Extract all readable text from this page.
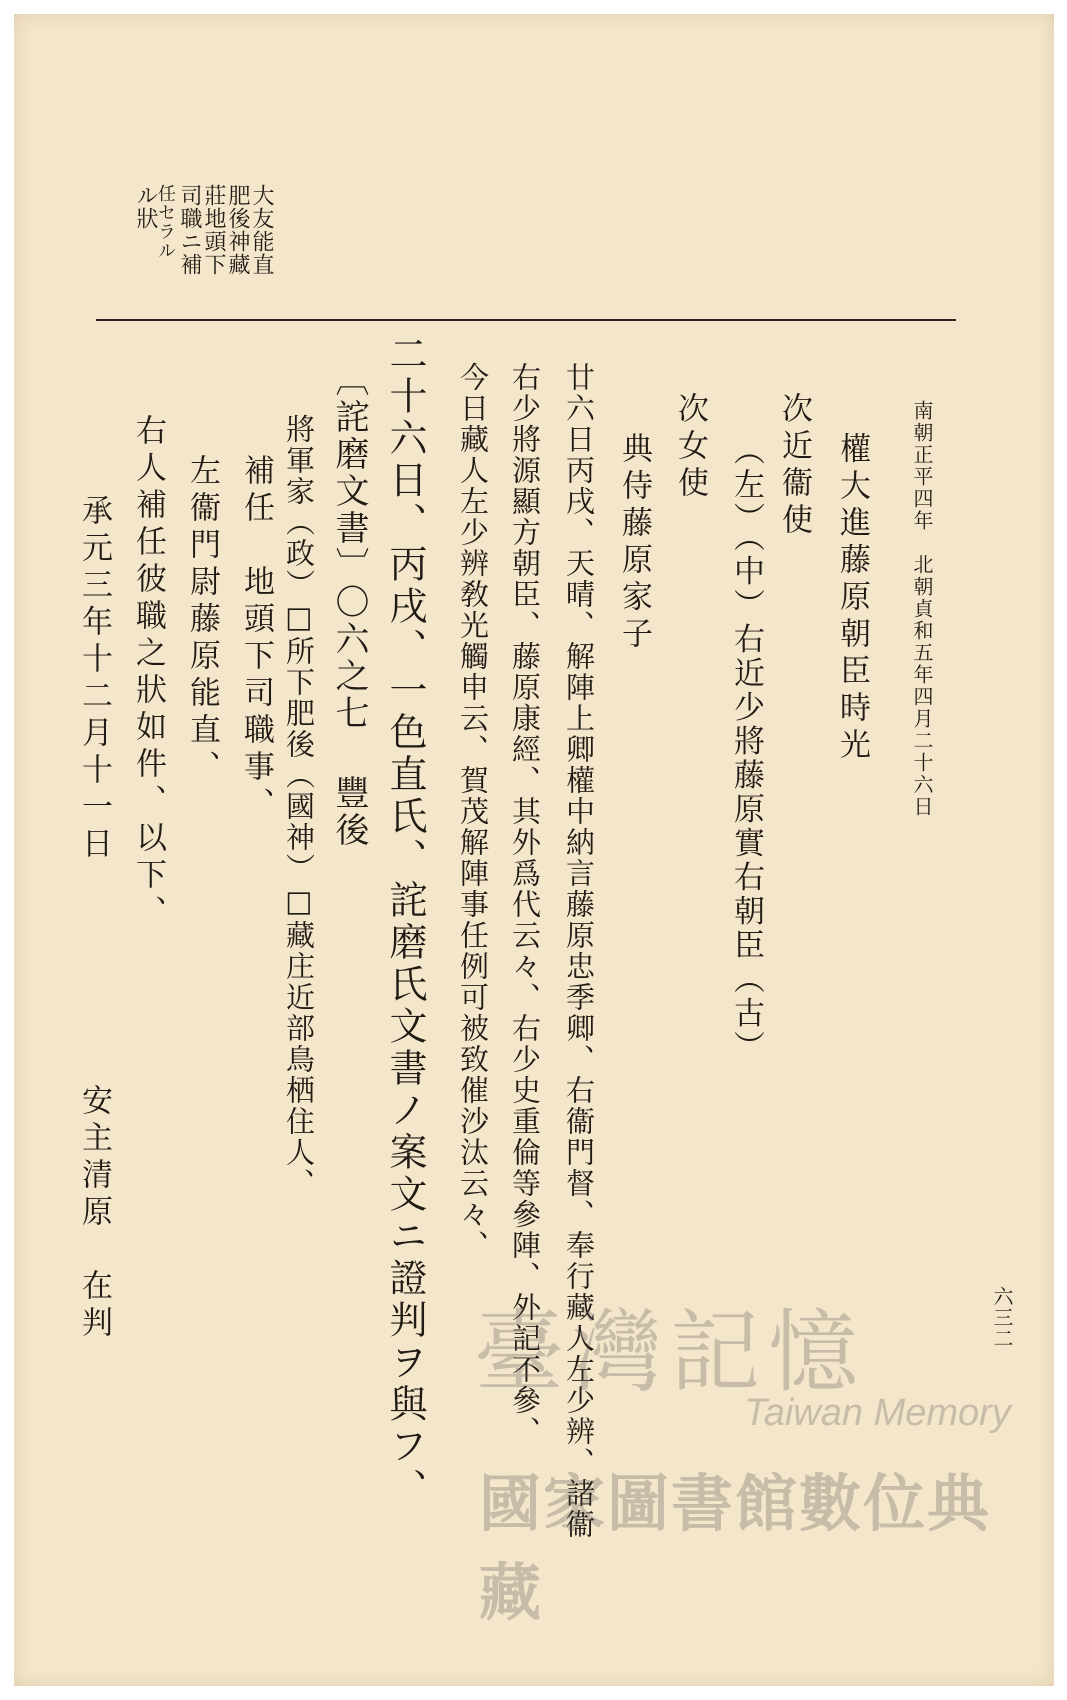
南朝正平四年　北朝貞和五年四月二十六日
大友能直
肥後神藏
莊地頭下
司職ニ補
任セラル
ル狀
權大進藤原朝臣時光
次近衞使
（左）（中）右近少將藤原實右朝臣（古）
次女使
典侍藤原家子
廿六日丙戌、天晴、解陣上卿權中納言藤原忠季卿、右衞門督、奉行藏人左少辨、諸衞
右少將源顯方朝臣、藤原康經、其外爲代云々、右少史重倫等參陣、外記不參、
今日藏人左少辨敎光觸申云、賀茂解陣事任例可被致催沙汰云々、
二十六日、丙戌、一色直氏、詫磨氏文書ノ案文ニ證判ヲ與フ、
〔詫磨文書〕〇六之七 豐後
將軍家（政）□所下肥後（國神）□藏庄近部鳥栖住人、
補任　地頭下司職事、
左衞門尉藤原能直、
右人補任彼職之狀如件、以下、
承元三年十二月十一日
安主清原　在判	六三二
臺灣記憶
Taiwan Memory
國家圖書館數位典藏
